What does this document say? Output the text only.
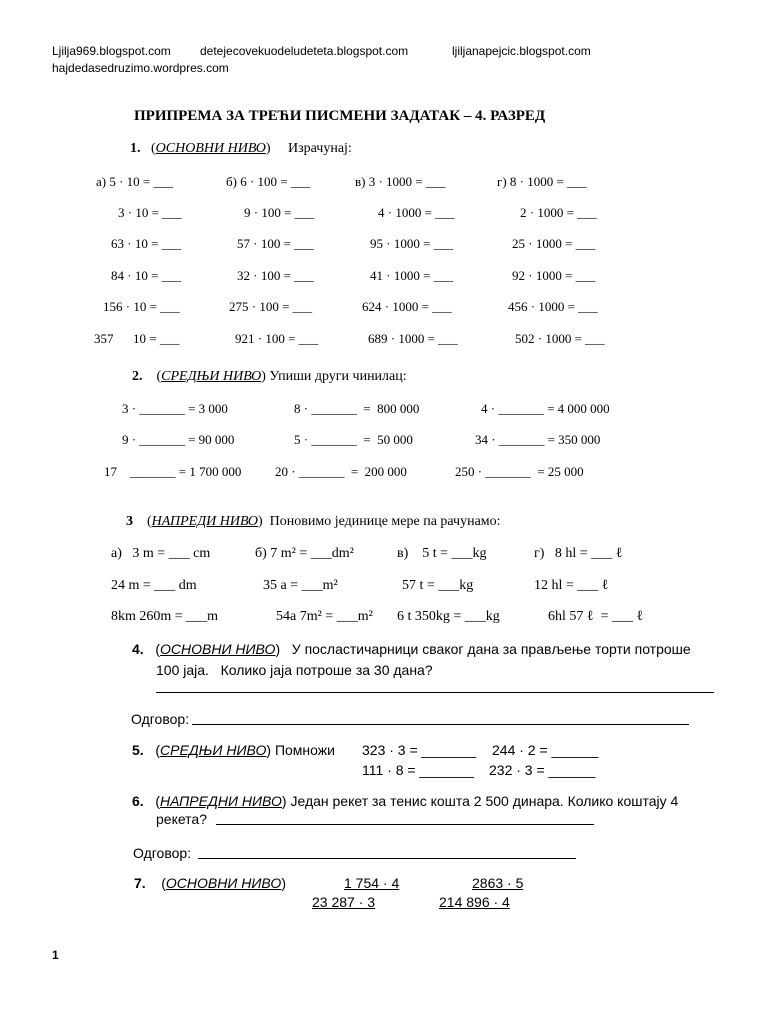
Ljilja969.blogspot.com detejecovekuodeludeteta.blogspot.com	ljiljanapejcic.blogspot.com
hajdedasedruzimo.wordpres.com
ПРИПРЕМА ЗА ТРЕЋИ ПИСМЕНИ ЗАДАТАК – 4. РАЗРЕД
1.   (ОСНОВНИ НИВО)     Израчунај:
а) 5 · 10 = ___	б) 6 · 100 = ___	в) 3 · 1000 = ___	г) 8 · 1000 = ___
3 · 10 = ___	9 · 100 = ___	4 · 1000 = ___	2 · 1000 = ___
63 · 10 = ___	57 · 100 = ___	95 · 1000 = ___	25 · 1000 = ___
84 · 10 = ___	32 · 100 = ___	41 · 1000 = ___	92 · 1000 = ___
156 · 10 = ___	275 · 100 = ___	624 · 1000 = ___	456 · 1000 = ___
357      10 = ___	921 · 100 = ___	689 · 1000 = ___	502 · 1000 = ___
2.    (СРЕДЊИ НИВО) Упиши други чинилац:
3 · _______ = 3 000	8 · _______  =  800 000	4 · _______ = 4 000 000
9 · _______ = 90 000	5 · _______  =  50 000	34 · _______ = 350 000
17    _______ = 1 700 000	20 · _______  =  200 000	250 · _______  = 25 000
3    (НАПРЕДИ НИВО)  Поновимо јединице мере па рачунамо:
а)   3 m = ___ cm	б) 7 m² = ___dm²	в)    5 t = ___kg	г)   8 hl = ___ ℓ
24 m = ___ dm	35 a = ___m²	57 t = ___kg	12 hl = ___ ℓ
8km 260m = ___m	54a 7m² = ___m² 6 t 350kg = ___kg	6hl 57 ℓ  = ___ ℓ
4.   (ОСНОВНИ НИВО)   У посластичарници сваког дана за прављење торти потроше
100 јаја.   Колико јаја потроше за 30 дана?
Одговор:
5.   (СРЕДЊИ НИВО) Помножи 323 · 3 = _______ 244 · 2 = ______
111 · 8 = _______ 232 · 3 = ______
6.   (НАПРЕДНИ НИВО) Један рекет за тенис кошта 2 500 динара. Колико коштају 4
рекета?
Одговор:
7.    (ОСНОВНИ НИВО)	1 754 · 4	2863 · 5
23 287 · 3	214 896 · 4
1
